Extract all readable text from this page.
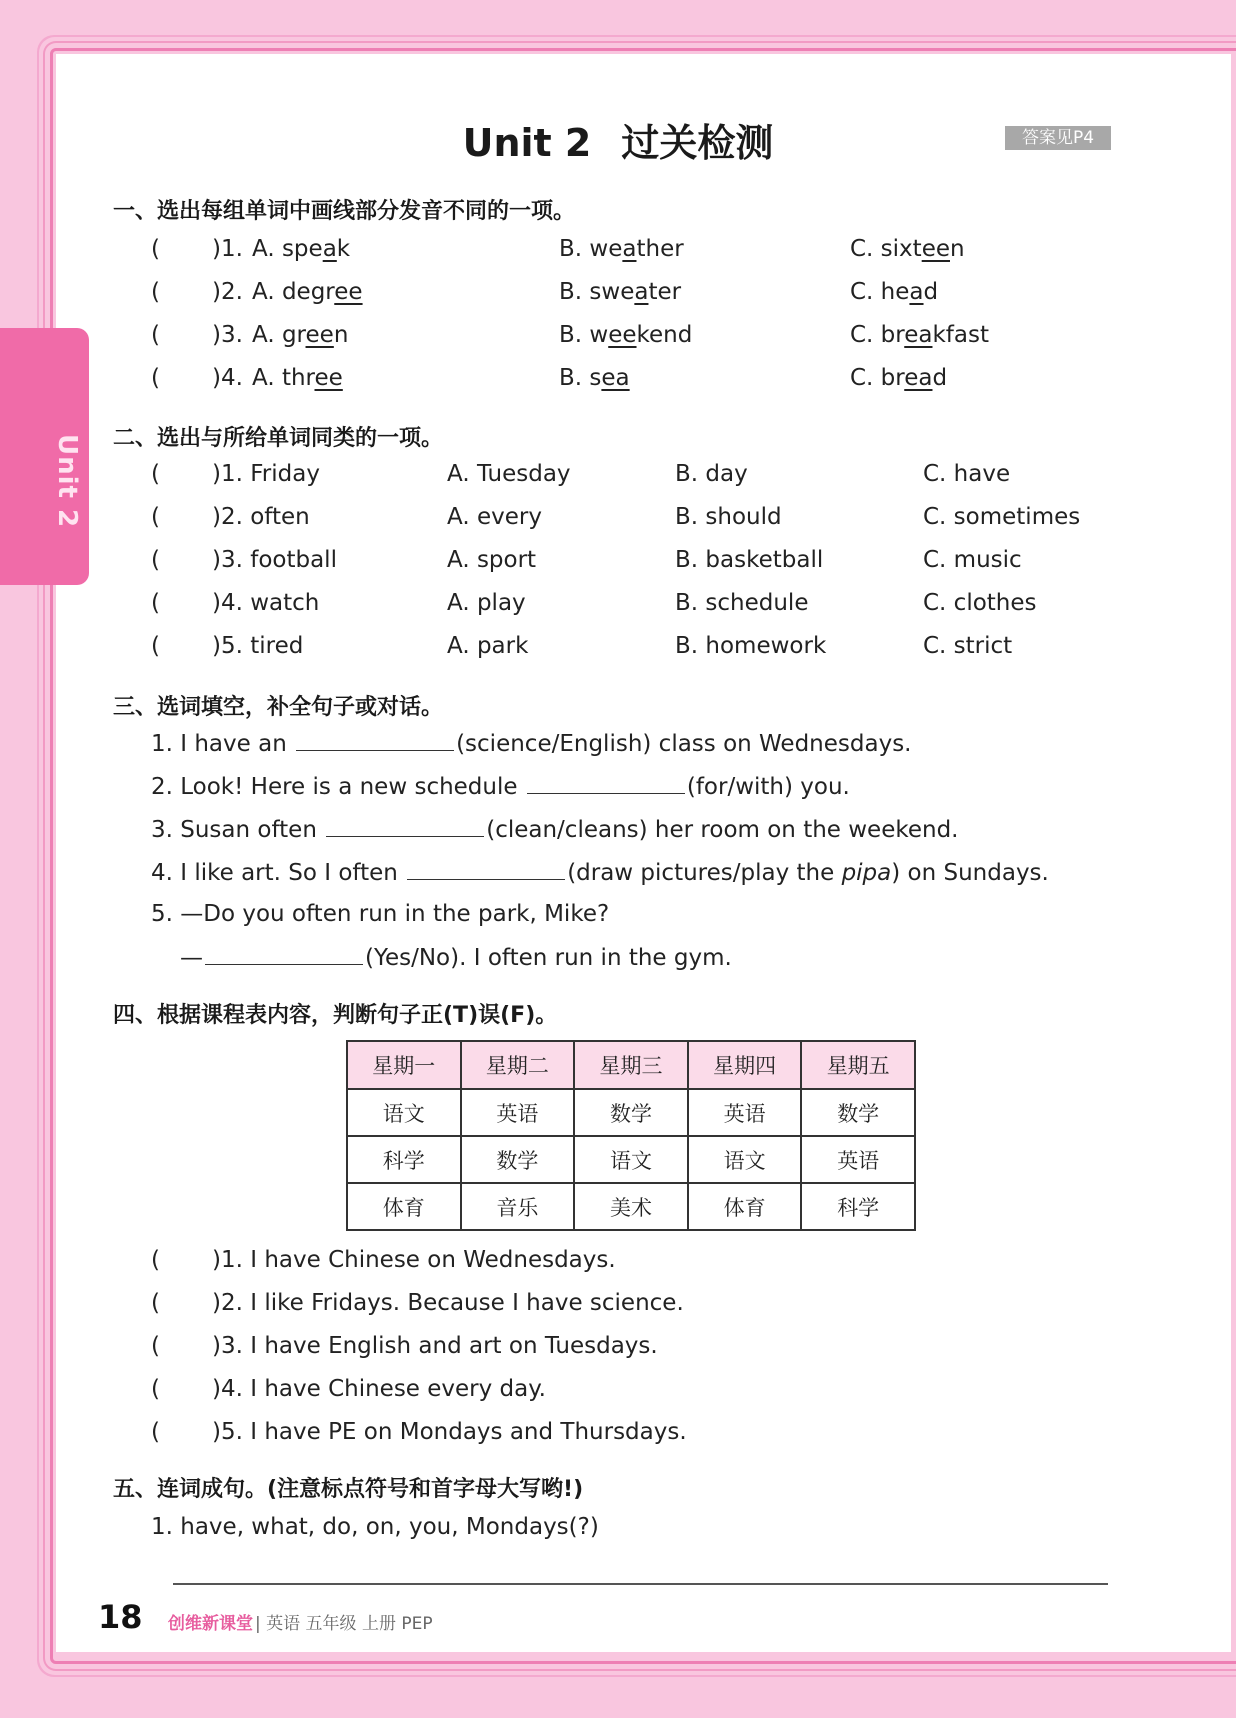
Unit 2
Unit 2 过关检测	答案见P4
一、选出每组单词中画线部分发音不同的一项。
( )1. A. speak	B. weather	C. sixteen
( )2. A. degree	B. sweater	C. head
( )3. A. green	B. weekend	C. breakfast
( )4. A. three	B. sea	C. bread
二、选出与所给单词同类的一项。
( )1. Friday	A. Tuesday	B. day	C. have
( )2. often	A. every	B. should	C. sometimes
( )3. football	A. sport	B. basketball	C. music
( )4. watch	A. play	B. schedule	C. clothes
( )5. tired	A. park	B. homework	C. strict
三、选词填空，补全句子或对话。
1. I have an	(science/English) class on Wednesdays.
2. Look! Here is a new schedule	(for/with) you.
3. Susan often	(clean/cleans) her room on the weekend.
4. I like art. So I often	(draw pictures/play the pipa) on Sundays.
5. —Do you often run in the park, Mike?
—	(Yes/No). I often run in the gym.
四、根据课程表内容，判断句子正(T)误(F)。
星期一	星期二	星期三	星期四	星期五
语文	英语	数学	英语	数学
科学	数学	语文	语文	英语
体育	音乐	美术	体育	科学
( )1. I have Chinese on Wednesdays.
( )2. I like Fridays. Because I have science.
( )3. I have English and art on Tuesdays.
( )4. I have Chinese every day.
( )5. I have PE on Mondays and Thursdays.
五、连词成句。(注意标点符号和首字母大写哟!)
1. have, what, do, on, you, Mondays(?)
18 创维新课堂 | 英语 五年级 上册 PEP
